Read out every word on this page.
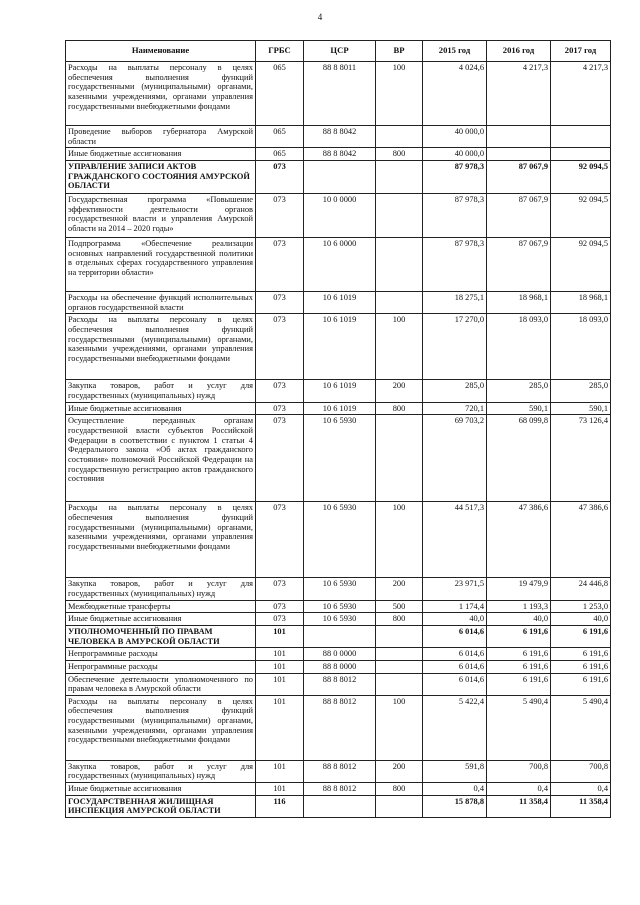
4
Наименование	ГРБС	ЦСР	ВР	2015 год	2016 год	2017 год
Расходы на выплаты персоналу в целях обеспечения выполнения функций государственными (муниципальными) органами, казенными учреждениями, органами управления государственными внебюджетными фондами	065	88 8 8011	100	4 024,6	4 217,3	4 217,3
Проведение выборов губернатора Амурской области	065	88 8 8042		40 000,0		
Иные бюджетные ассигнования	065	88 8 8042	800	40 000,0		
УПРАВЛЕНИЕ ЗАПИСИ АКТОВ ГРАЖДАНСКОГО СОСТОЯНИЯ АМУРСКОЙ ОБЛАСТИ	073			87 978,3	87 067,9	92 094,5
Государственная программа «Повышение эффективности деятельности органов государственной власти и управления Амурской области на 2014 – 2020 годы»	073	10 0 0000		87 978,3	87 067,9	92 094,5
Подпрограмма «Обеспечение реализации основных направлений государственной политики в отдельных сферах государственного управления на территории области»	073	10 6 0000		87 978,3	87 067,9	92 094,5
Расходы на обеспечение функций исполнительных органов государственной власти	073	10 6 1019		18 275,1	18 968,1	18 968,1
Расходы на выплаты персоналу в целях обеспечения выполнения функций государственными (муниципальными) органами, казенными учреждениями, органами управления государственными внебюджетными фондами	073	10 6 1019	100	17 270,0	18 093,0	18 093,0
Закупка товаров, работ и услуг для государственных (муниципальных) нужд	073	10 6 1019	200	285,0	285,0	285,0
Иные бюджетные ассигнования	073	10 6 1019	800	720,1	590,1	590,1
Осуществление переданных органам государственной власти субъектов Российской Федерации в соответствии с пунктом 1 статьи 4 Федерального закона «Об актах гражданского состояния» полномочий Российской Федерации на государственную регистрацию актов гражданского состояния	073	10 6 5930		69 703,2	68 099,8	73 126,4
Расходы на выплаты персоналу в целях обеспечения выполнения функций государственными (муниципальными) органами, казенными учреждениями, органами управления государственными внебюджетными фондами	073	10 6 5930	100	44 517,3	47 386,6	47 386,6
Закупка товаров, работ и услуг для государственных (муниципальных) нужд	073	10 6 5930	200	23 971,5	19 479,9	24 446,8
Межбюджетные трансферты	073	10 6 5930	500	1 174,4	1 193,3	1 253,0
Иные бюджетные ассигнования	073	10 6 5930	800	40,0	40,0	40,0
УПОЛНОМОЧЕННЫЙ ПО ПРАВАМ ЧЕЛОВЕКА В АМУРСКОЙ ОБЛАСТИ	101			6 014,6	6 191,6	6 191,6
Непрограммные расходы	101	88 0 0000		6 014,6	6 191,6	6 191,6
Непрограммные расходы	101	88 8 0000		6 014,6	6 191,6	6 191,6
Обеспечение деятельности уполномоченного по правам человека в Амурской области	101	88 8 8012		6 014,6	6 191,6	6 191,6
Расходы на выплаты персоналу в целях обеспечения выполнения функций государственными (муниципальными) органами, казенными учреждениями, органами управления государственными внебюджетными фондами	101	88 8 8012	100	5 422,4	5 490,4	5 490,4
Закупка товаров, работ и услуг для государственных (муниципальных) нужд	101	88 8 8012	200	591,8	700,8	700,8
Иные бюджетные ассигнования	101	88 8 8012	800	0,4	0,4	0,4
ГОСУДАРСТВЕННАЯ ЖИЛИЩНАЯ ИНСПЕКЦИЯ АМУРСКОЙ ОБЛАСТИ	116			15 878,8	11 358,4	11 358,4
